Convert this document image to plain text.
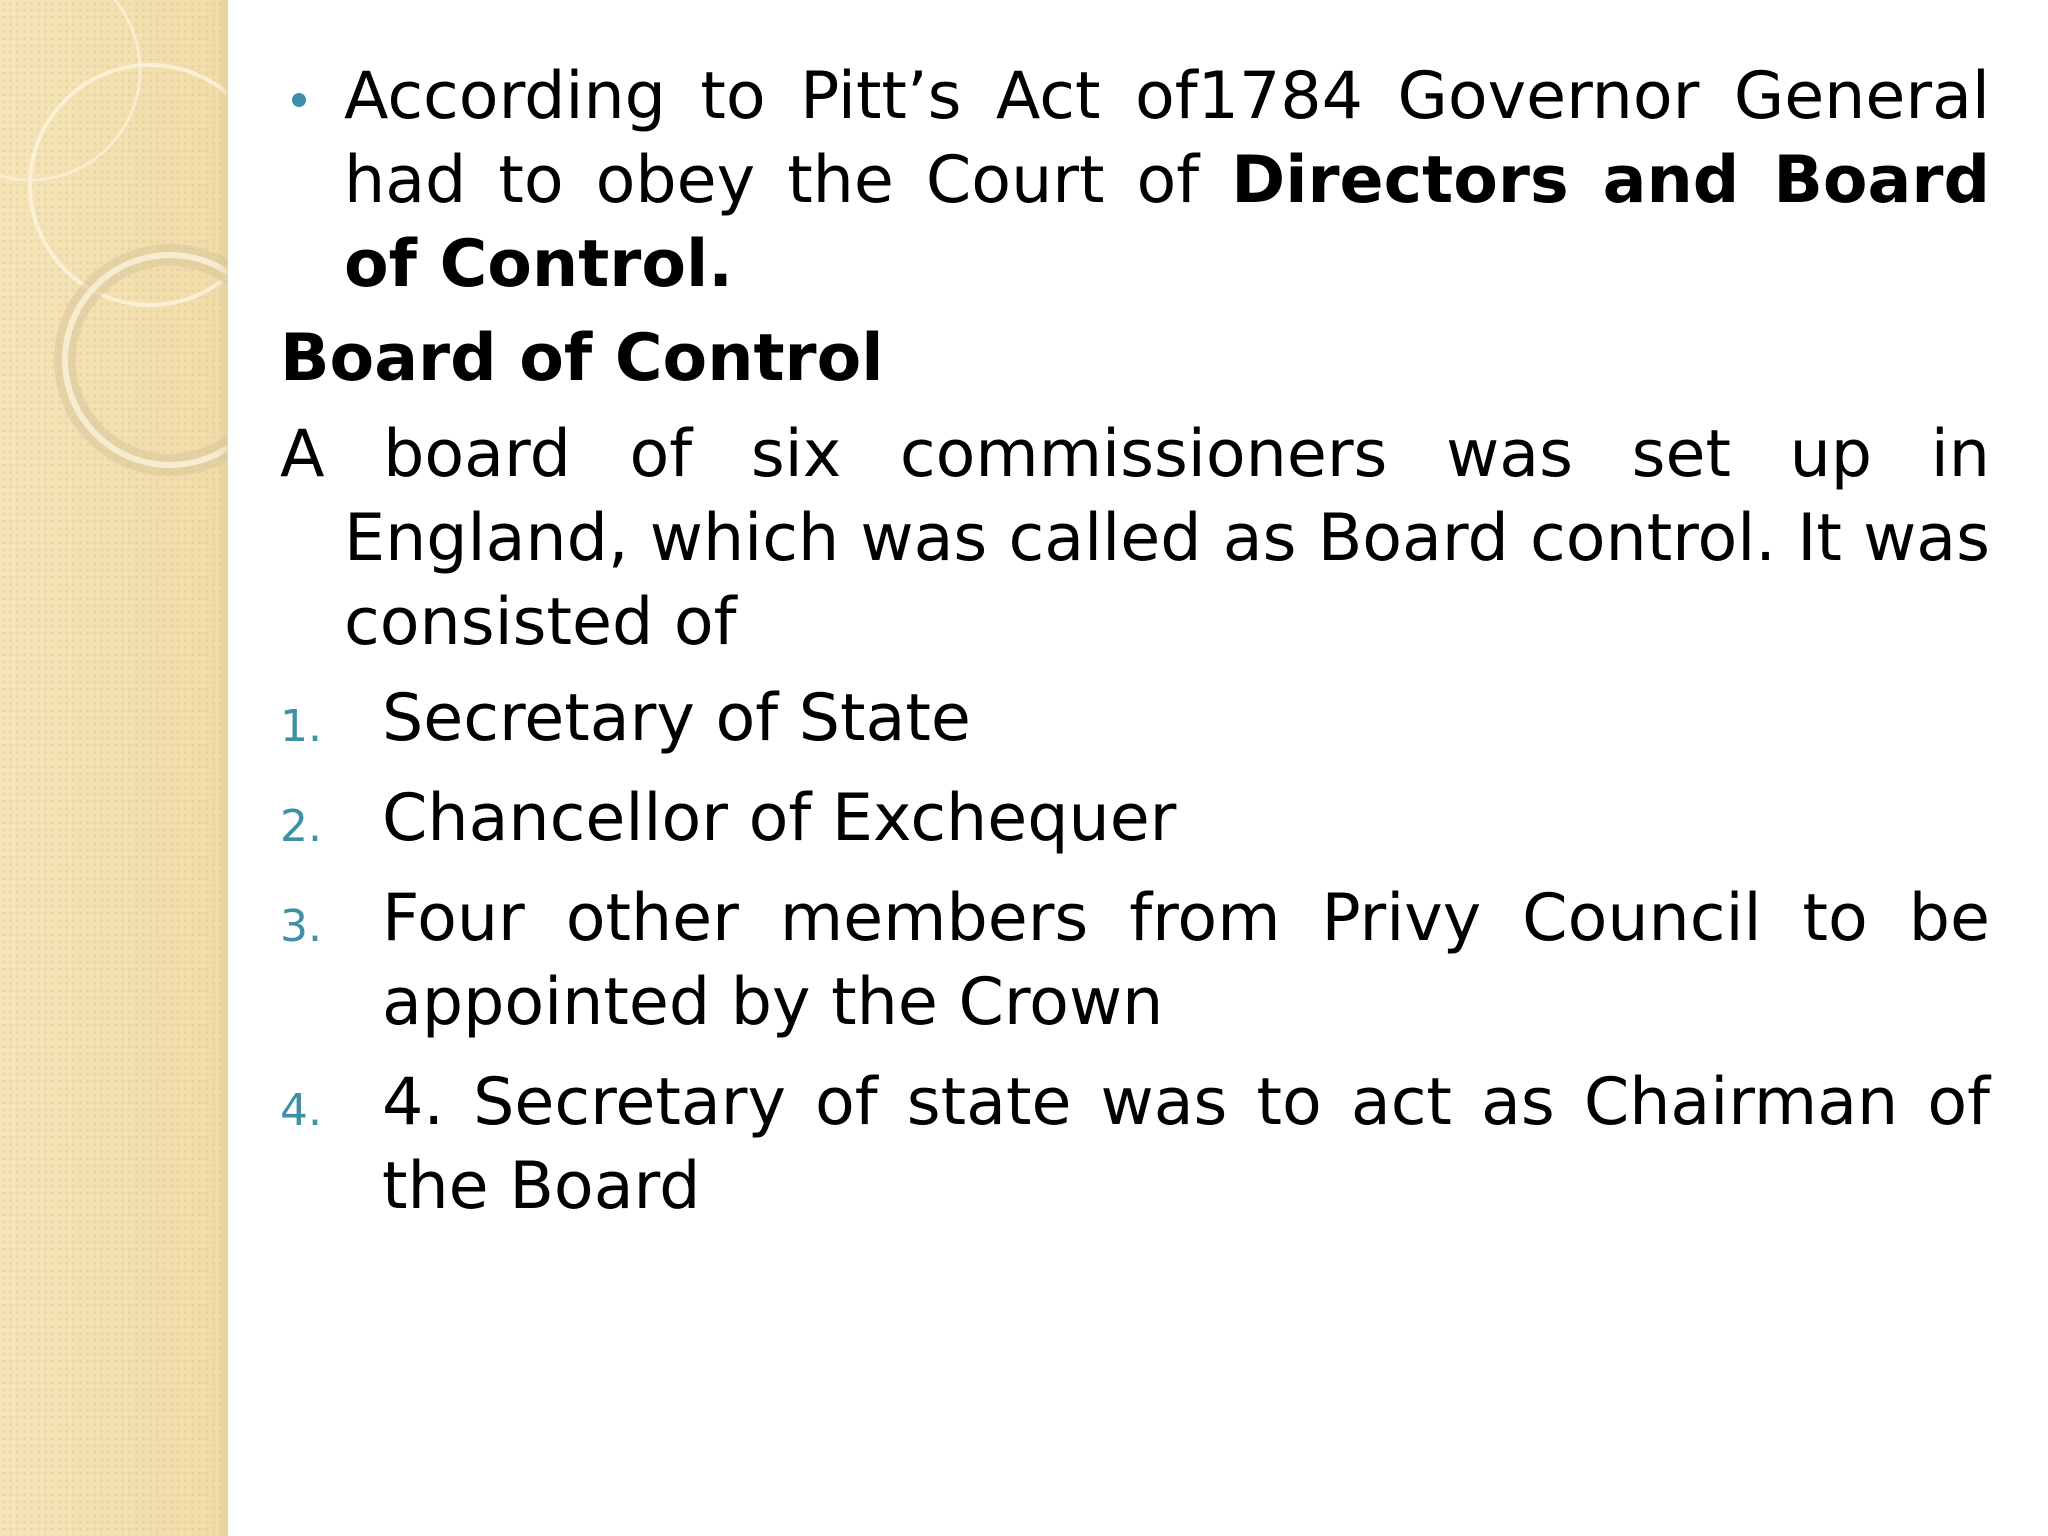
According to Pitt’s Act of1784 Governor General had to obey the Court of Directors and Board of Control.

Board of Control

A board of six commissioners was set up in England, which was called as Board control. It was consisted of

1. Secretary of State
2. Chancellor of Exchequer
3. Four other members from Privy Council to be appointed by the Crown
4. 4. Secretary of state was to act as Chairman of the Board
